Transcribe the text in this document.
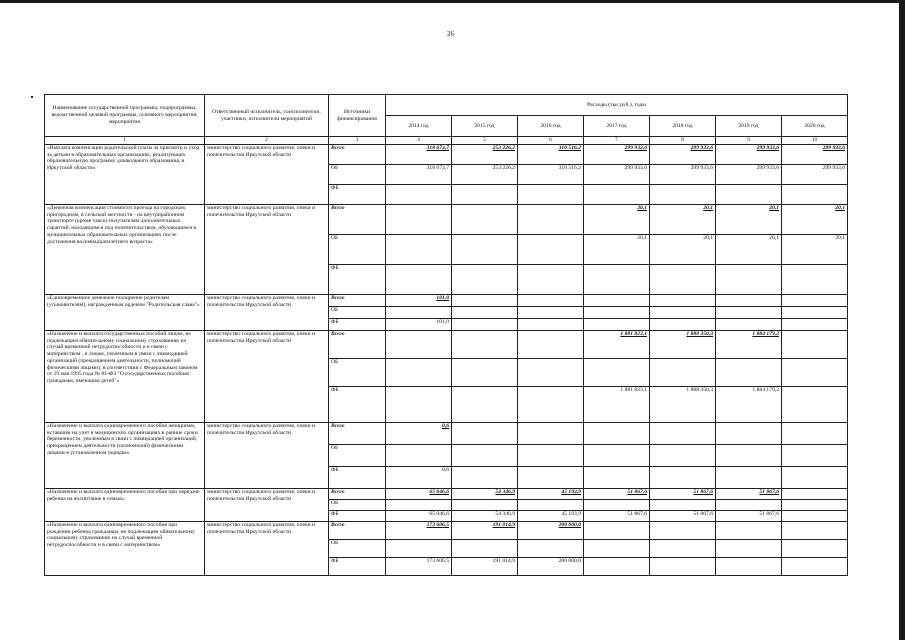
26
Наименование государственной программы, подпрограммы, ведомственной целевой программы, основного мероприятия, мероприятия	Ответственный исполнитель, соисполнители, участники, исполнители мероприятий	Источники финансирования	Расходы (тыс.руб.), годы						
			2014 год	2015 год	2016 год	2017 год	2018 год	2019 год	2020 год
1	2	3	4	5	6	7	8	9	10
«Выплата компенсации родительской платы за присмотр и уход за детьми в образовательных организациях, реализующих образовательную программу дошкольного образования, в Иркутской области»	министерство социального развития, опеки и попечительства Иркутской области	Всего	318 673,7	253 226,2	310 516,2	299 933,6	299 933,6	299 933,6	299 933,6
		ОБ	318 673,7	253 226,2	310 516,2	299 933,6	299 933,6	299 933,6	299 933,6
		ФБ							
«Денежная компенсация стоимости проезда на городском, пригородном, в сельской местности - на внутрирайонном транспорте (кроме такси) получателям дополнительных гарантий, находящимся под попечительством, обучающимся в муниципальных образовательных организациях после достижения восемнадцатилетнего возраста»	министерство социального развития, опеки и попечительства Иркутской области	Всего				20,1	20,1	20,1	20,1
		ОБ				20,1	20,1	20,1	20,1
		ФБ							
«Единовременное денежное поощрение родителям (усыновителям), награжденным орденом "Родительская слава"»	министерство социального развития, опеки и попечительства Иркутской области	Всего	101,0						
		ОБ							
		ФБ	101,0						
«Назначение и выплата государственных пособий лицам, не подлежащим обязательному социальному страхованию на случай временной нетрудоспособности и в связи с материнством , и лицам, уволенным в связи с ликвидацией организаций (прекращением деятельности, полномочий физическими лицами), в соответствии с Федеральным законом от 19 мая 1995 года № 81-ФЗ "О государственных пособиях гражданам, имеющим детей"»	министерство социального развития, опеки и попечительства Иркутской области	Всего				1 881 823,1	1 888 350,3	1 884 179,2	
		ОБ							
		ФБ				1 881 823,1	1 888 350,3	1 884 179,2	
«Назначение и выплата единовременного пособия женщинам, вставшим на учет в медицинских организациях в ранние сроки беременности, уволенным в связи с ликвидацией организаций, прекращением деятельности (полномочий) физическими лицами в установленном порядке»	министерство социального развития, опеки и попечительства Иркутской области	Всего	0,6						
		ОБ							
		ФБ	0,6						
«Назначение и выплата единовременного пособия при передаче ребенка на воспитание в семью»	министерство социального развития, опеки и попечительства Иркутской области	Всего	65 046,6	54 346,9	45 193,9	51 867,6	51 867,6	51 867,6	
		ОБ							
		ФБ	65 046,6	54 346,9	45 193,9	51 867,6	51 867,6	51 867,6	
«Назначение и выплата единовременного пособия при рождении ребенка гражданам, не подлежащим обязательному социальному страхованию на случай временной нетрудоспособности и в связи с материнством»	министерство социального развития, опеки и попечительства Иркутской области	Всего	173 606,5	191 014,9	200 000,0				
		ОБ							
		ФБ	173 606,5	191 014,9	200 000,0				
